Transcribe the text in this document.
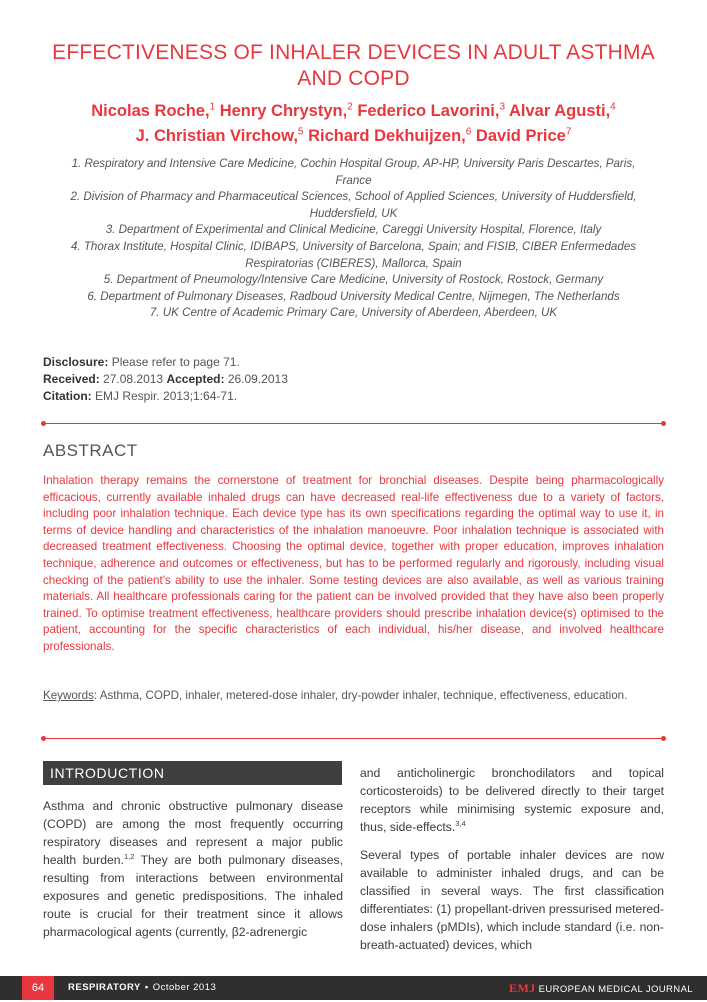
EFFECTIVENESS OF INHALER DEVICES IN ADULT ASTHMA AND COPD
Nicolas Roche,$^1$ Henry Chrystyn,$^2$ Federico Lavorini,$^3$ Alvar Agusti,$^4$
J. Christian Virchow,$^5$ Richard Dekhuijzen,$^6$ David Price$^7$
1. Respiratory and Intensive Care Medicine, Cochin Hospital Group, AP-HP, University Paris Descartes, Paris, France
2. Division of Pharmacy and Pharmaceutical Sciences, School of Applied Sciences, University of Huddersfield, Huddersfield, UK
3. Department of Experimental and Clinical Medicine, Careggi University Hospital, Florence, Italy
4. Thorax Institute, Hospital Clinic, IDIBAPS, University of Barcelona, Spain; and FISIB, CIBER Enfermedades Respiratorias (CIBERES), Mallorca, Spain
5. Department of Pneumology/Intensive Care Medicine, University of Rostock, Rostock, Germany
6. Department of Pulmonary Diseases, Radboud University Medical Centre, Nijmegen, The Netherlands
7. UK Centre of Academic Primary Care, University of Aberdeen, Aberdeen, UK
Disclosure: Please refer to page 71.
Received: 27.08.2013 Accepted: 26.09.2013
Citation: EMJ Respir. 2013;1:64-71.
ABSTRACT

Inhalation therapy remains the cornerstone of treatment for bronchial diseases. Despite being pharmacologically efficacious, currently available inhaled drugs can have decreased real-life effectiveness due to a variety of factors, including poor inhalation technique. Each device type has its own specifications regarding the optimal way to use it, in terms of device handling and characteristics of the inhalation manoeuvre. Poor inhalation technique is associated with decreased treatment effectiveness. Choosing the optimal device, together with proper education, improves inhalation technique, adherence and outcomes or effectiveness, but has to be performed regularly and rigorously, including visual checking of the patient's ability to use the inhaler. Some testing devices are also available, as well as various training materials. All healthcare professionals caring for the patient can be involved provided that they have also been properly trained. To optimise treatment effectiveness, healthcare providers should prescribe inhalation device(s) optimised to the patient, accounting for the specific characteristics of each individual, his/her disease, and involved healthcare professionals.

Keywords: Asthma, COPD, inhaler, metered-dose inhaler, dry-powder inhaler, technique, effectiveness, education.

INTRODUCTION

Asthma and chronic obstructive pulmonary disease (COPD) are among the most frequently occurring respiratory diseases and represent a major public health burden.$^{1,2}$ They are both pulmonary diseases, resulting from interactions between environmental exposures and genetic predispositions. The inhaled route is crucial for their treatment since it allows pharmacological agents (currently, β2-adrenergic

and anticholinergic bronchodilators and topical corticosteroids) to be delivered directly to their target receptors while minimising systemic exposure and, thus, side-effects.$^{3,4}$

Several types of portable inhaler devices are now available to administer inhaled drugs, and can be classified in several ways. The first classification differentiates: (1) propellant-driven pressurised metered-dose inhalers (pMDIs), which include standard (i.e. non-breath-actuated) devices, which

64	RESPIRATORY • October 2013	EMJ EUROPEAN MEDICAL JOURNAL
